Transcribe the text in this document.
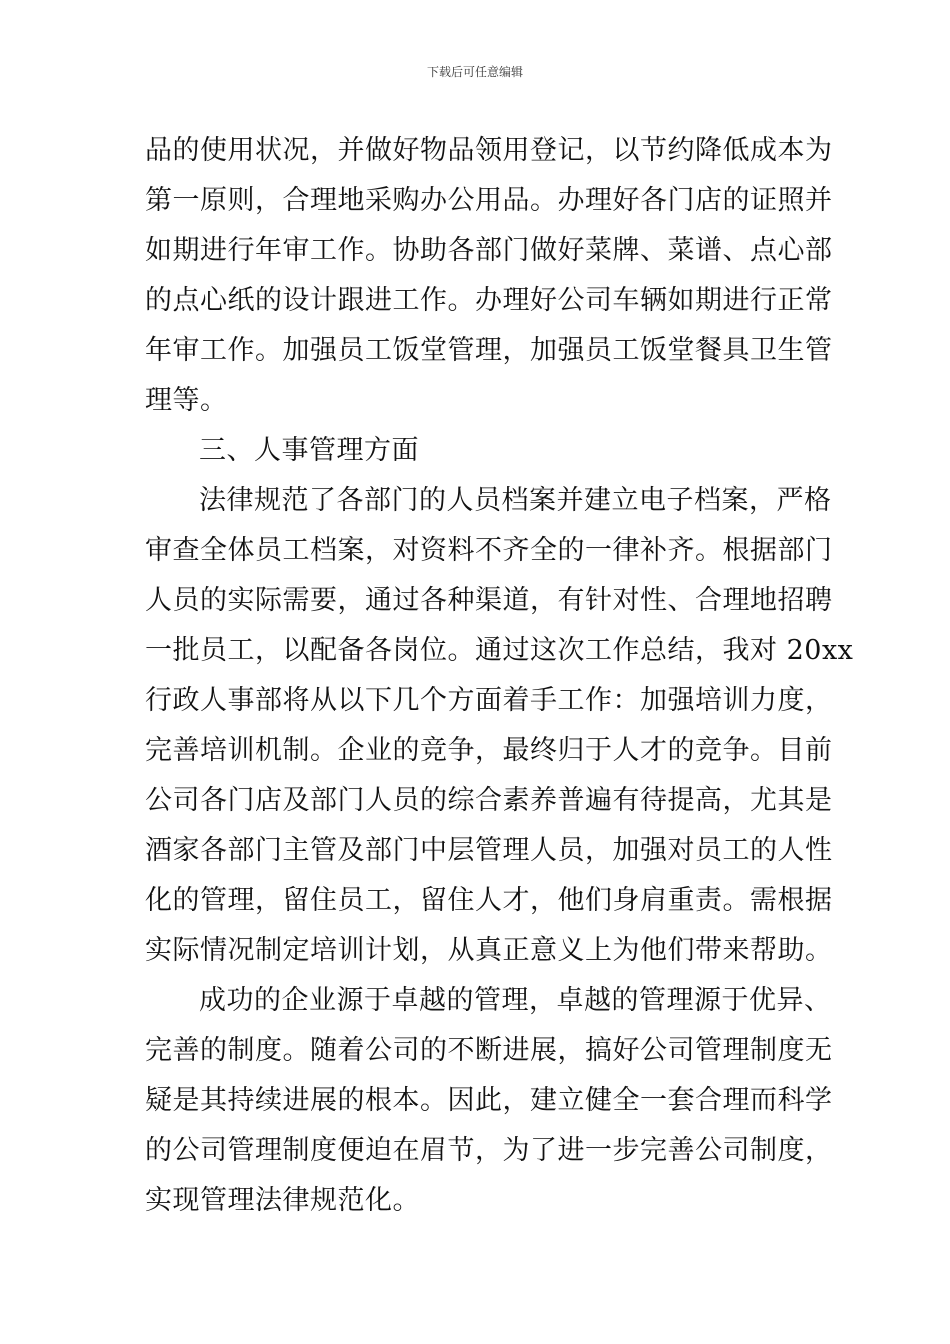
下载后可任意编辑
品的使用状况，并做好物品领用登记，以节约降低成本为
第一原则，合理地采购办公用品。办理好各门店的证照并
如期进行年审工作。协助各部门做好菜牌、菜谱、点心部
的点心纸的设计跟进工作。办理好公司车辆如期进行正常
年审工作。加强员工饭堂管理，加强员工饭堂餐具卫生管
理等。
三、人事管理方面
法律规范了各部门的人员档案并建立电子档案，严格
审查全体员工档案，对资料不齐全的一律补齐。根据部门
人员的实际需要，通过各种渠道，有针对性、合理地招聘
一批员工，以配备各岗位。通过这次工作总结，我对 20xx
行政人事部将从以下几个方面着手工作：加强培训力度，
完善培训机制。企业的竞争，最终归于人才的竞争。目前
公司各门店及部门人员的综合素养普遍有待提高，尤其是
酒家各部门主管及部门中层管理人员，加强对员工的人性
化的管理，留住员工，留住人才，他们身肩重责。需根据
实际情况制定培训计划，从真正意义上为他们带来帮助。
成功的企业源于卓越的管理，卓越的管理源于优异、
完善的制度。随着公司的不断进展，搞好公司管理制度无
疑是其持续进展的根本。因此，建立健全一套合理而科学
的公司管理制度便迫在眉节，为了进一步完善公司制度，
实现管理法律规范化。
